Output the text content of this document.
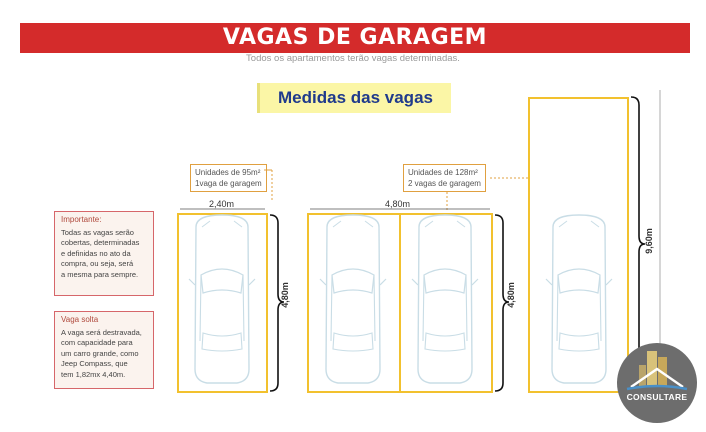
VAGAS DE GARAGEM
Todos os apartamentos terão vagas determinadas.
Medidas das vagas
Unidades de 95m²
1vaga de garagem
Unidades de 128m²
2 vagas de garagem
Importante:
Todas as vagas serão
cobertas, determinadas
e definidas no ato da
compra, ou seja, será
a mesma para sempre.
Vaga solta
A vaga será destravada,
com capacidade para
um carro grande, como
Jeep Compass, que
tem 1,82mx 4,40m.
2,40m	4,80m
4,80m	4,80m
9,60m
CONSULTARE
